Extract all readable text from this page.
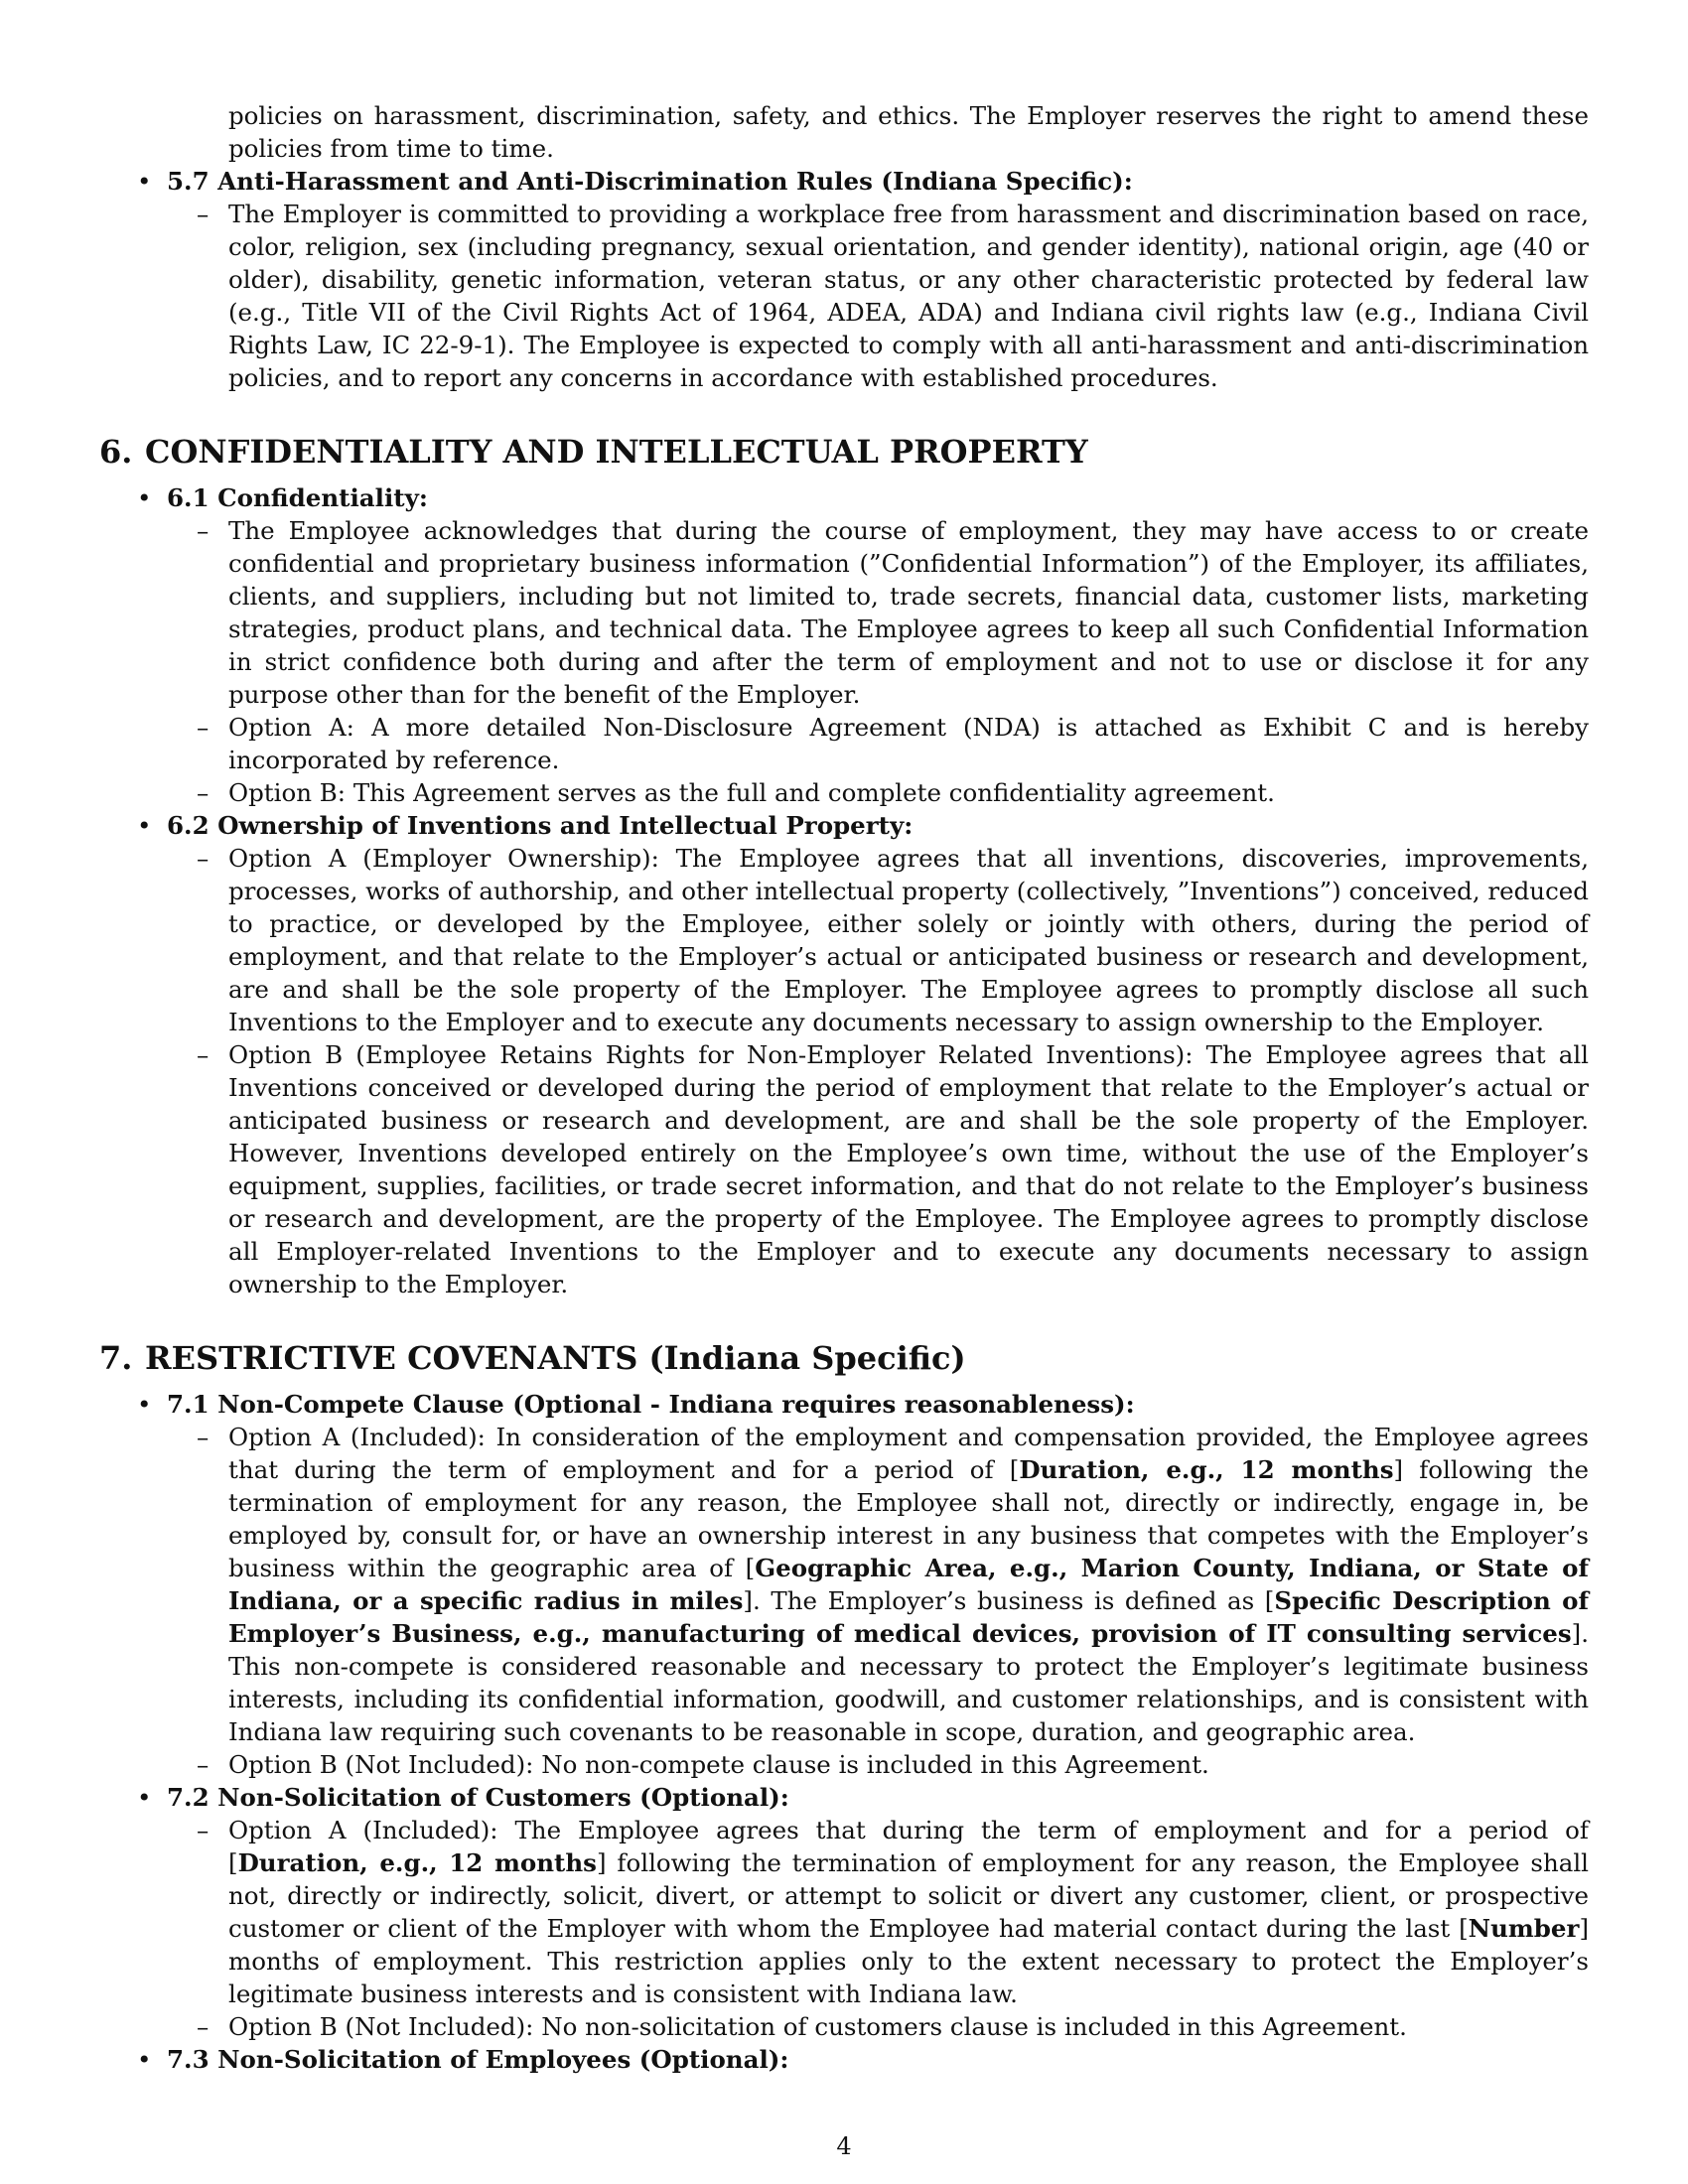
policies on harassment, discrimination, safety, and ethics. The Employer reserves the right to amend these policies from time to time.

• 5.7 Anti-Harassment and Anti-Discrimination Rules (Indiana Specific):

– The Employer is committed to providing a workplace free from harassment and discrimination based on race, color, religion, sex (including pregnancy, sexual orientation, and gender identity), national origin, age (40 or older), disability, genetic information, veteran status, or any other characteristic protected by federal law (e.g., Title VII of the Civil Rights Act of 1964, ADEA, ADA) and Indiana civil rights law (e.g., Indiana Civil Rights Law, IC 22-9-1). The Employee is expected to comply with all anti-harassment and anti-discrimination policies, and to report any concerns in accordance with established procedures.

6. CONFIDENTIALITY AND INTELLECTUAL PROPERTY
• 6.1 Confidentiality:

– The Employee acknowledges that during the course of employment, they may have access to or create confidential and proprietary business information (”Confidential Information”) of the Employer, its affiliates, clients, and suppliers, including but not limited to, trade secrets, financial data, customer lists, marketing strategies, product plans, and technical data. The Employee agrees to keep all such Confidential Information in strict confidence both during and after the term of employment and not to use or disclose it for any purpose other than for the benefit of the Employer.

– Option A: A more detailed Non-Disclosure Agreement (NDA) is attached as Exhibit C and is hereby incorporated by reference.

– Option B: This Agreement serves as the full and complete confidentiality agreement.

• 6.2 Ownership of Inventions and Intellectual Property:

– Option A (Employer Ownership): The Employee agrees that all inventions, discoveries, improvements, processes, works of authorship, and other intellectual property (collectively, ”Inventions”) conceived, reduced to practice, or developed by the Employee, either solely or jointly with others, during the period of employment, and that relate to the Employer’s actual or anticipated business or research and development, are and shall be the sole property of the Employer. The Employee agrees to promptly disclose all such Inventions to the Employer and to execute any documents necessary to assign ownership to the Employer.

– Option B (Employee Retains Rights for Non-Employer Related Inventions): The Employee agrees that all Inventions conceived or developed during the period of employment that relate to the Employer’s actual or anticipated business or research and development, are and shall be the sole property of the Employer. However, Inventions developed entirely on the Employee’s own time, without the use of the Employer’s equipment, supplies, facilities, or trade secret information, and that do not relate to the Employer’s business or research and development, are the property of the Employee. The Employee agrees to promptly disclose all Employer-related Inventions to the Employer and to execute any documents necessary to assign ownership to the Employer.

7. RESTRICTIVE COVENANTS (Indiana Specific)
• 7.1 Non-Compete Clause (Optional - Indiana requires reasonableness):

– Option A (Included): In consideration of the employment and compensation provided, the Employee agrees that during the term of employment and for a period of [Duration, e.g., 12 months] following the termination of employment for any reason, the Employee shall not, directly or indirectly, engage in, be employed by, consult for, or have an ownership interest in any business that competes with the Employer’s business within the geographic area of [Geographic Area, e.g., Marion County, Indiana, or State of Indiana, or a specific radius in miles]. The Employer’s business is defined as [Specific Description of Employer’s Business, e.g., manufacturing of medical devices, provision of IT consulting services]. This non-compete is considered reasonable and necessary to protect the Employer’s legitimate business interests, including its confidential information, goodwill, and customer relationships, and is consistent with Indiana law requiring such covenants to be reasonable in scope, duration, and geographic area.

– Option B (Not Included): No non-compete clause is included in this Agreement.

• 7.2 Non-Solicitation of Customers (Optional):

– Option A (Included): The Employee agrees that during the term of employment and for a period of [Duration, e.g., 12 months] following the termination of employment for any reason, the Employee shall not, directly or indirectly, solicit, divert, or attempt to solicit or divert any customer, client, or prospective customer or client of the Employer with whom the Employee had material contact during the last [Number] months of employment. This restriction applies only to the extent necessary to protect the Employer’s legitimate business interests and is consistent with Indiana law.

– Option B (Not Included): No non-solicitation of customers clause is included in this Agreement.

• 7.3 Non-Solicitation of Employees (Optional):

4
